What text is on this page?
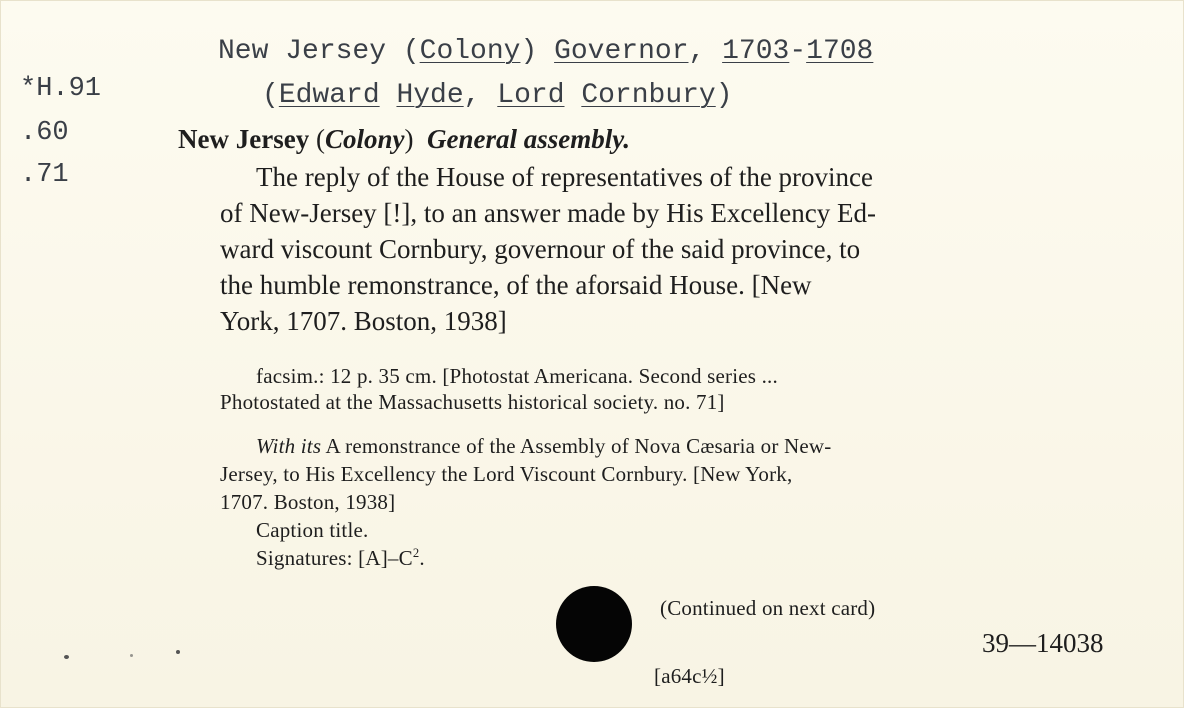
*H.91
.60
.71
New Jersey (Colony) Governor, 1703-1708
(Edward Hyde, Lord Cornbury)
New Jersey (Colony)  General assembly.
The reply of the House of representatives of the province
of New-Jersey [!], to an answer made by His Excellency Ed-
ward viscount Cornbury, governour of the said province, to
the humble remonstrance, of the aforsaid House. [New
York, 1707. Boston, 1938]
facsim.: 12 p. 35 cm. [Photostat Americana. Second series ...
Photostated at the Massachusetts historical society. no. 71]
With its A remonstrance of the Assembly of Nova Cæsaria or New-
Jersey, to His Excellency the Lord Viscount Cornbury. [New York,
1707. Boston, 1938]
Caption title.
Signatures: $[A]-C^2$.
(Continued on next card)
39—14038
[a64c½]
